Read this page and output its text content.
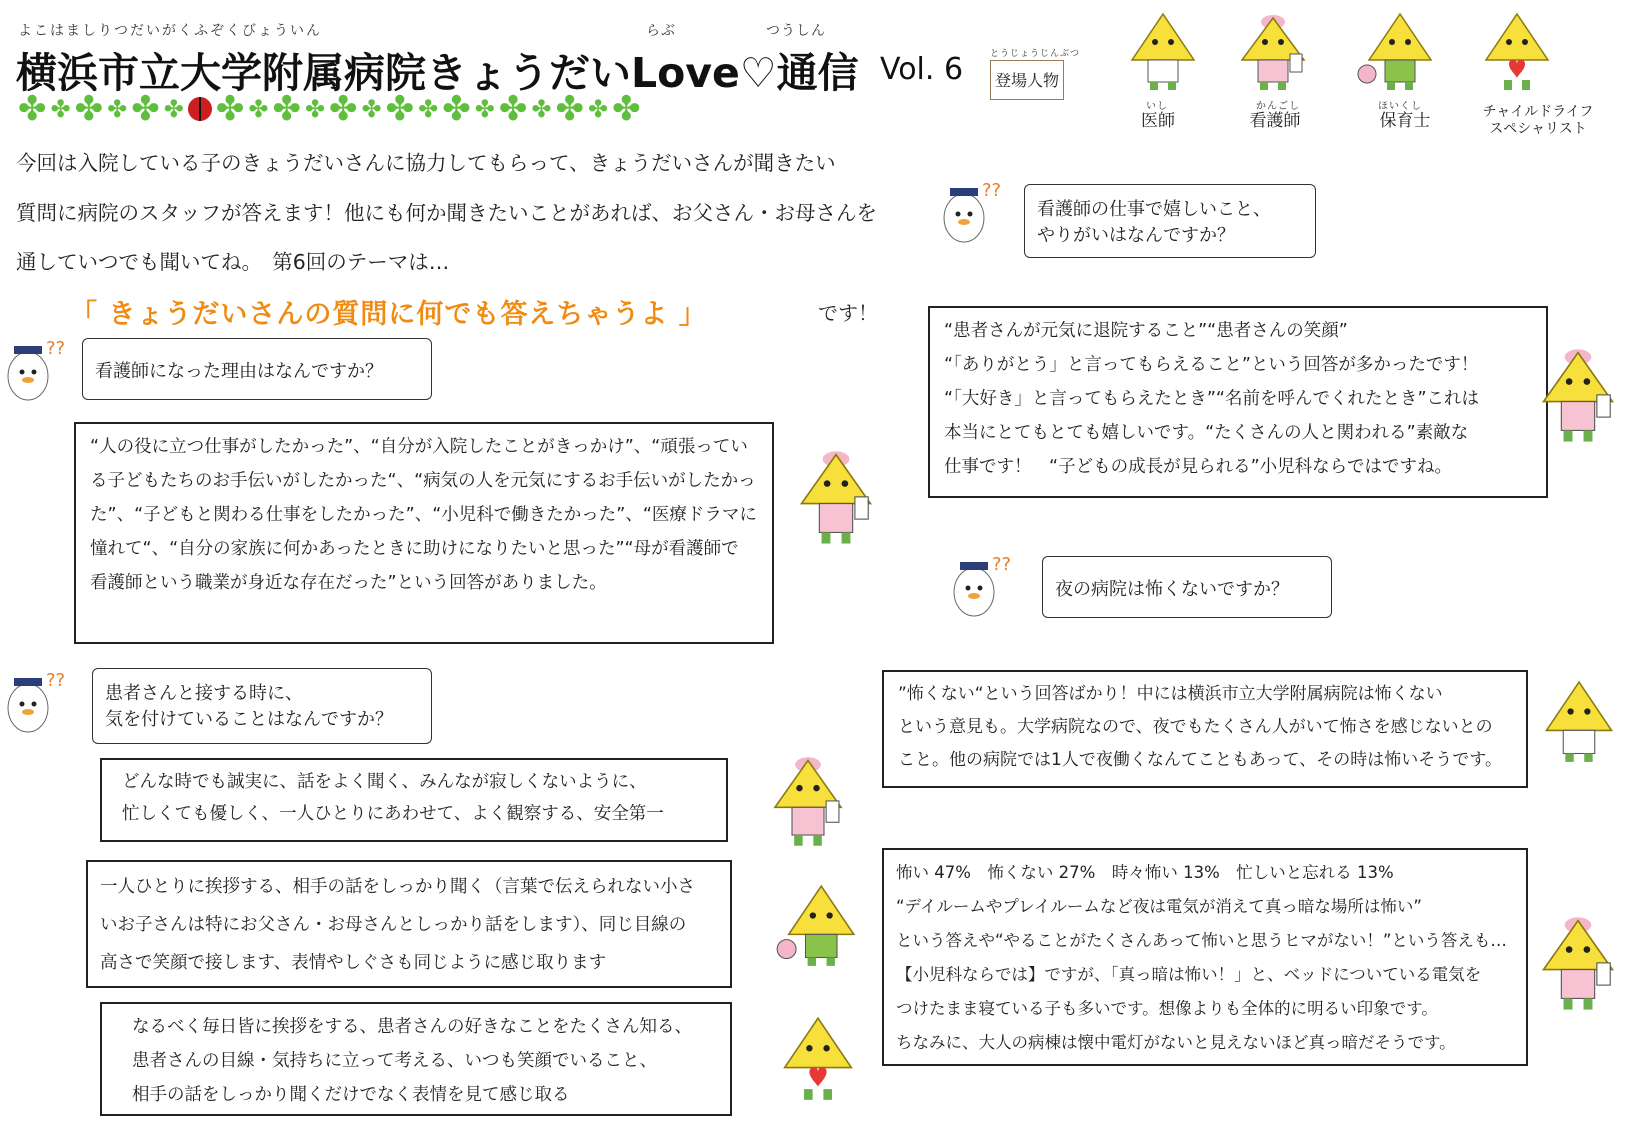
よこはましりつだいがくふぞくびょういん	らぶ	つうしん
横浜市立大学附属病院きょうだいLove♡通信 Vol. 6
✤ ✤ ✤ ✤ ✤ ✤ ✤ ✤ ✤ ✤ ✤ ✤ ✤ ✤ ✤ ✤ ✤ ✤ ✤ ✤ ✤
とうじょうじんぶつ
登場人物
いし
医師
かんごし
看護師
ほいくし
保育士	チャイルドライフ
スペシャリスト
今回は入院している子のきょうだいさんに協力してもらって、きょうだいさんが聞きたい
質問に病院のスタッフが答えます！他にも何か聞きたいことがあれば、お父さん・お母さんを
通していつでも聞いてね。　第6回のテーマは…
「 きょうだいさんの質問に何でも答えちゃうよ 」	です！
??
看護師になった理由はなんですか？

“人の役に立つ仕事がしたかった”、“自分が入院したことがきっかけ”、“頑張ってい

る子どもたちのお手伝いがしたかった“、“病気の人を元気にするお手伝いがしたかっ

た”、“子どもと関わる仕事をしたかった”、“小児科で働きたかった”、“医療ドラマに

憧れて“、“自分の家族に何かあったときに助けになりたいと思った”“母が看護師で

看護師という職業が身近な存在だった”という回答がありました。

??
患者さんと接する時に、
気を付けていることはなんですか？

どんな時でも誠実に、話をよく聞く、みんなが寂しくないように、

忙しくても優しく、一人ひとりにあわせて、よく観察する、安全第一

一人ひとりに挨拶する、相手の話をしっかり聞く（言葉で伝えられない小さ

いお子さんは特にお父さん・お母さんとしっかり話をします）、同じ目線の

高さで笑顔で接します、表情やしぐさも同じように感じ取ります

なるべく毎日皆に挨拶をする、患者さんの好きなことをたくさん知る、

患者さんの目線・気持ちに立って考える、いつも笑顔でいること、

相手の話をしっかり聞くだけでなく表情を見て感じ取る

??
看護師の仕事で嬉しいこと、
やりがいはなんですか？

“患者さんが元気に退院すること”“患者さんの笑顔”

“「ありがとう」と言ってもらえること”という回答が多かったです！

“「大好き」と言ってもらえたとき”“名前を呼んでくれたとき”これは

本当にとてもとても嬉しいです。“たくさんの人と関われる”素敵な

仕事です！　“子どもの成長が見られる”小児科ならではですね。

??
夜の病院は怖くないですか？

”怖くない“という回答ばかり！中には横浜市立大学附属病院は怖くない

という意見も。大学病院なので、夜でもたくさん人がいて怖さを感じないとの

こと。他の病院では1人で夜働くなんてこともあって、その時は怖いそうです。

怖い 47%　怖くない 27%　時々怖い 13%　忙しいと忘れる 13%

“デイルームやプレイルームなど夜は電気が消えて真っ暗な場所は怖い”

という答えや“やることがたくさんあって怖いと思うヒマがない！”という答えも…

【小児科ならでは】ですが、「真っ暗は怖い！」と、ベッドについている電気を

つけたまま寝ている子も多いです。想像よりも全体的に明るい印象です。

ちなみに、大人の病棟は懐中電灯がないと見えないほど真っ暗だそうです。
